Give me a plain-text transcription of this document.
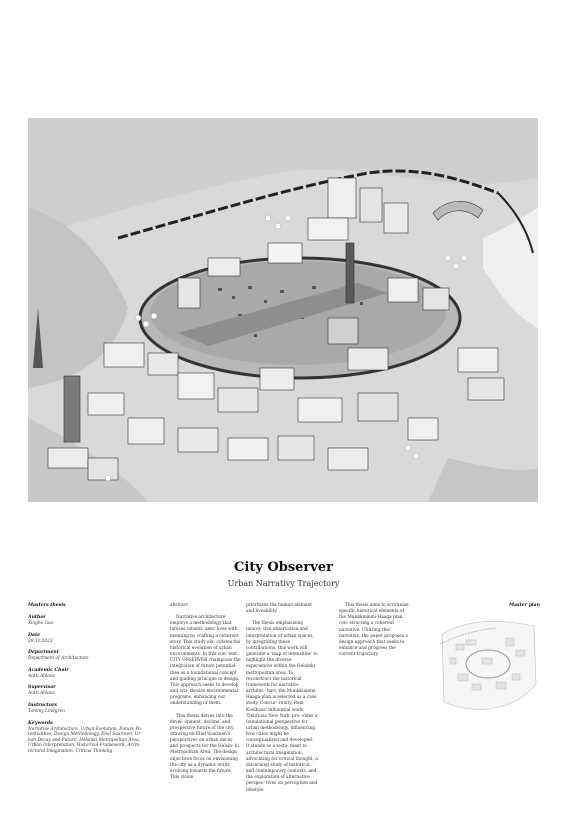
City Observer
Urban Narrativy Trajectory
Masters thesis
Author
Xinghe Guo
Date
29.11.2023
Department
Department of Architecture
Academic Chair
Antti Ahlava
Supervisor
Antti Ahlava
Instructors
Tommy Lindgren
Keywords
Narrative Architecture, Urban Evolution, Future Po- tentialities, Design Methodology, Eliel Saarinen, Ur- ban Decay and Future, Helsinki Metropolitan Area, Urban Interpretation, Historical Framework, Archi- tectural Imagination, Critical Thinking

abstract

Narrative architecture employs a methodology that infuses inhabit- ants' lives with meaning by crafting a coherent story. This study elu- cidates the historical evolution of urban environments. In this con- text, CITY OBSERVER champions the integration of future potential- ities as a foundational concept and guiding principle in design. This approach seeks to develop and syn- thesize environmental programs, enhancing our understanding of them.

This thesis delves into the devel- opment, decline, and prospective future of the city, drawing on Eliel Saarinen's perspectives on urban decay and prospects for the Helsin- ki Metropolitan Area. The design objectives focus on envisioning the city as a dynamic entity evolving towards the future. This vision

prioritizes the human element and liveability.

The thesis emphasizing innova- tive observation and interpretation of urban spaces, by integrating these contributions, this work will generate a 'map of intensities' to highlight the diverse experiences within the Helsinki metropolitan area. To reconstruct the historical framework for narrative architec- ture, the Munkkiniemi-Haaga plan is selected as a case study. Concur- rently, Rem Koolhaas' influential work, 'Delirious New York' pro- vides a foundational perspective for urban methodology, influencing how cities might be conceptualized and developed. It stands as a testa- ment to architectural imagination, advocating for critical thought, a discerning study of historical and contemporary contexts, and the exploration of alternative perspec- tives on perception and lifestyle.

This thesis aims to scrutinize specific historical elements of the Munkkiniemi-Haaga plan, con- structing a coherent narrative. Utilizing this narrative, the paper proposes a design approach that seeks to enhance and progress the current trajectory.

Master plan
